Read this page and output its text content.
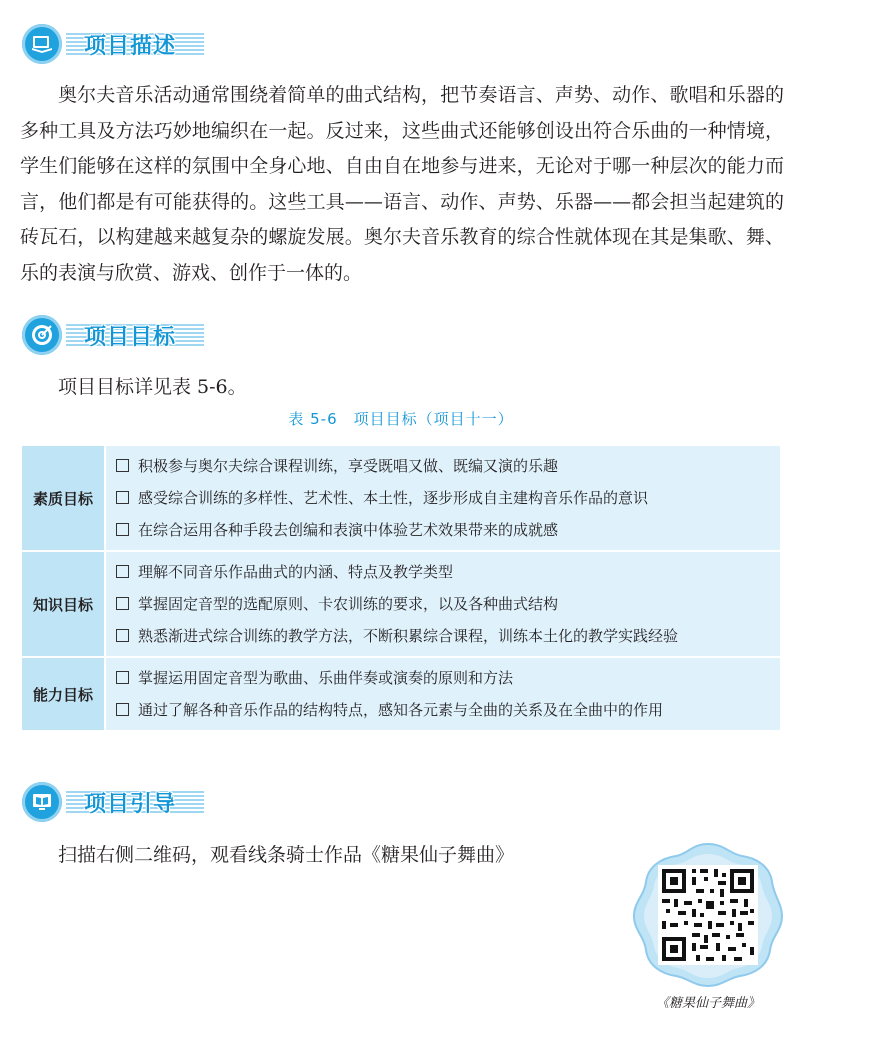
项目描述

奥尔夫音乐活动通常围绕着简单的曲式结构，把节奏语言、声势、动作、歌唱和乐器的多种工具及方法巧妙地编织在一起。反过来，这些曲式还能够创设出符合乐曲的一种情境，学生们能够在这样的氛围中全身心地、自由自在地参与进来，无论对于哪一种层次的能力而言，他们都是有可能获得的。这些工具——语言、动作、声势、乐器——都会担当起建筑的砖瓦石，以构建越来越复杂的螺旋发展。奥尔夫音乐教育的综合性就体现在其是集歌、舞、乐的表演与欣赏、游戏、创作于一体的。

项目目标

项目目标详见表 5-6。

表 5-6　项目目标（项目十一）
素质目标	积极参与奥尔夫综合课程训练，享受既唱又做、既编又演的乐趣
感受综合训练的多样性、艺术性、本土性，逐步形成自主建构音乐作品的意识
在综合运用各种手段去创编和表演中体验艺术效果带来的成就感

知识目标	理解不同音乐作品曲式的内涵、特点及教学类型
掌握固定音型的选配原则、卡农训练的要求，以及各种曲式结构
熟悉渐进式综合训练的教学方法，不断积累综合课程，训练本土化的教学实践经验

能力目标	掌握运用固定音型为歌曲、乐曲伴奏或演奏的原则和方法
通过了解各种音乐作品的结构特点，感知各元素与全曲的关系及在全曲中的作用
项目引导

扫描右侧二维码，观看线条骑士作品《糖果仙子舞曲》

《糖果仙子舞曲》
